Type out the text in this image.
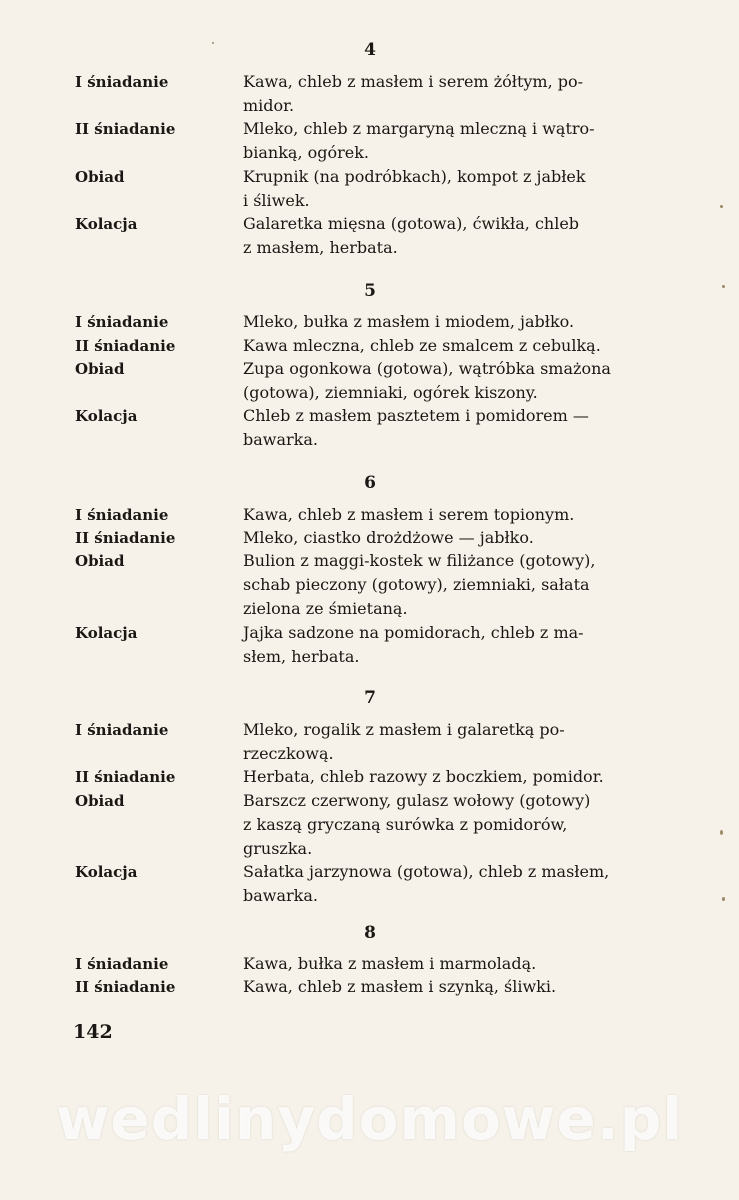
4
I śniadanie	Kawa, chleb z masłem i serem żółtym, po-
midor.
II śniadanie	Mleko, chleb z margaryną mleczną i wątro-
bianką, ogórek.
Obiad	Krupnik (na podróbkach), kompot z jabłek
i śliwek.
Kolacja	Galaretka mięsna (gotowa), ćwikła, chleb
z masłem, herbata.
5
I śniadanie	Mleko, bułka z masłem i miodem, jabłko.
II śniadanie	Kawa mleczna, chleb ze smalcem z cebulką.
Obiad	Zupa ogonkowa (gotowa), wątróbka smażona
(gotowa), ziemniaki, ogórek kiszony.
Kolacja	Chleb z masłem pasztetem i pomidorem —
bawarka.
6
I śniadanie	Kawa, chleb z masłem i serem topionym.
II śniadanie	Mleko, ciastko drożdżowe — jabłko.
Obiad	Bulion z maggi-kostek w filiżance (gotowy),
schab pieczony (gotowy), ziemniaki, sałata
zielona ze śmietaną.
Kolacja	Jajka sadzone na pomidorach, chleb z ma-
słem, herbata.
7
I śniadanie	Mleko, rogalik z masłem i galaretką po-
rzeczkową.
II śniadanie	Herbata, chleb razowy z boczkiem, pomidor.
Obiad	Barszcz czerwony, gulasz wołowy (gotowy)
z kaszą gryczaną surówka z pomidorów,
gruszka.
Kolacja	Sałatka jarzynowa (gotowa), chleb z masłem,
bawarka.
8
I śniadanie	Kawa, bułka z masłem i marmoladą.
II śniadanie	Kawa, chleb z masłem i szynką, śliwki.
142
wedlinydomowe.pl
